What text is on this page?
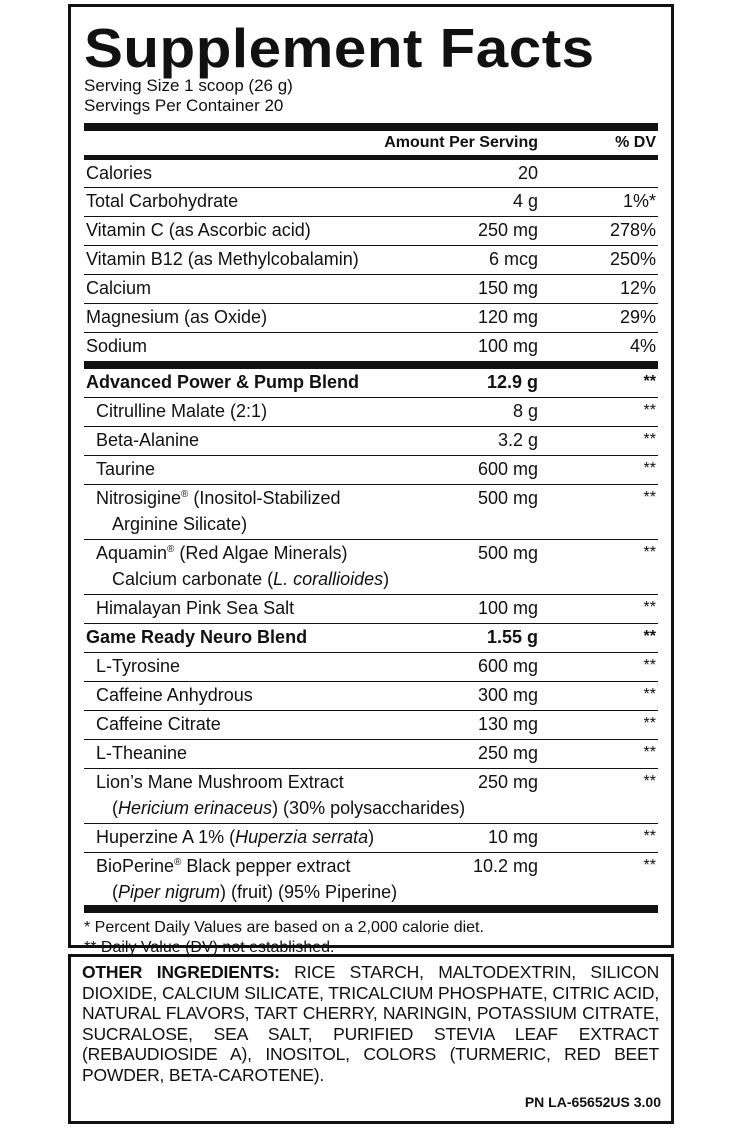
Supplement Facts
Serving Size 1 scoop (26 g)
Servings Per Container 20
Amount Per Serving	% DV
Calories	20
Total Carbohydrate	4 g	1%*
Vitamin C (as Ascorbic acid)	250 mg	278%
Vitamin B12 (as Methylcobalamin)	6 mcg	250%
Calcium	150 mg	12%
Magnesium (as Oxide)	120 mg	29%
Sodium	100 mg	4%
Advanced Power & Pump Blend	12.9 g	**
Citrulline Malate (2:1)	8 g	**
Beta-Alanine	3.2 g	**
Taurine	600 mg	**
Nitrosigine® (Inositol-Stabilized
Arginine Silicate)
500 mg	**
Aquamin® (Red Algae Minerals)
Calcium carbonate (L. corallioides)
500 mg	**
Himalayan Pink Sea Salt	100 mg	**
Game Ready Neuro Blend	1.55 g	**
L-Tyrosine	600 mg	**
Caffeine Anhydrous	300 mg	**
Caffeine Citrate	130 mg	**
L-Theanine	250 mg	**
Lion’s Mane Mushroom Extract
(Hericium erinaceus) (30% polysaccharides)
250 mg	**
Huperzine A 1% (Huperzia serrata)	10 mg	**
BioPerine® Black pepper extract
(Piper nigrum) (fruit) (95% Piperine)
10.2 mg	**
* Percent Daily Values are based on a 2,000 calorie diet.
** Daily Value (DV) not established.
OTHER INGREDIENTS: RICE STARCH, MALTODEXTRIN, SILICON DIOXIDE, CALCIUM SILICATE, TRICALCIUM PHOSPHATE, CITRIC ACID, NATURAL FLAVORS, TART CHERRY, NARINGIN, POTASSIUM CITRATE, SUCRALOSE, SEA SALT, PURIFIED STEVIA LEAF EXTRACT (REBAUDIOSIDE A), INOSITOL, COLORS (TURMERIC, RED BEET POWDER, BETA-CAROTENE).
PN LA-65652US 3.00
